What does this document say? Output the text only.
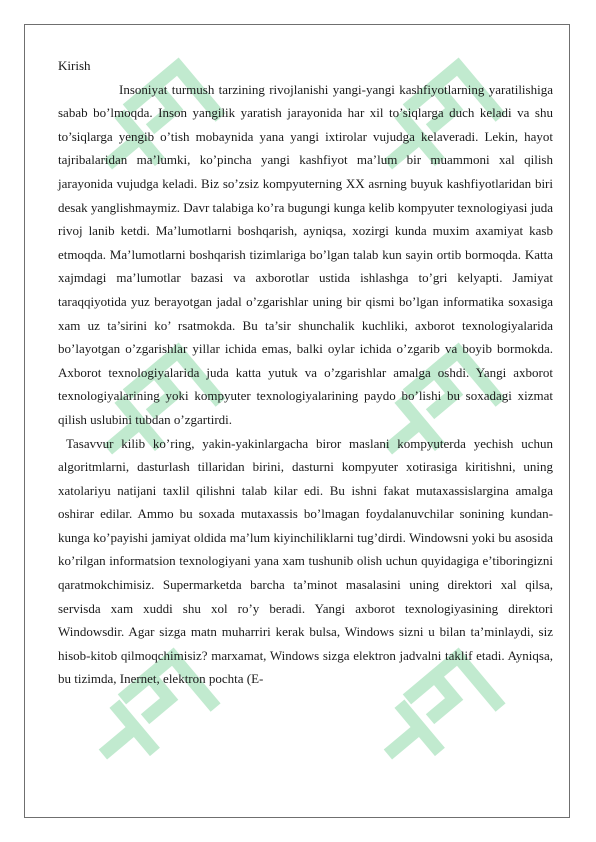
Kirish

Insoniyat turmush tarzining rivojlanishi yangi-yangi kashfiyotlarning yaratilishiga sabab bo’lmoqda. Inson yangilik yaratish jarayonida har xil to’siqlarga duch keladi va shu to’siqlarga yengib o’tish mobaynida yana yangi ixtirolar vujudga kelaveradi. Lekin, hayot tajribalaridan ma’lumki, ko’pincha yangi kashfiyot ma’lum bir muammoni xal qilish jarayonida vujudga keladi. Biz so’zsiz kompyuterning XX asrning buyuk kashfiyotlaridan biri desak yanglishmaymiz. Davr talabiga ko’ra bugungi kunga kelib kompyuter texnologiyasi juda rivoj lanib ketdi. Ma’lumotlarni boshqarish, ayniqsa, xozirgi kunda muxim axamiyat kasb etmoqda. Ma’lumotlarni boshqarish tizimlariga bo’lgan talab kun sayin ortib bormoqda. Katta xajmdagi ma’lumotlar bazasi va axborotlar ustida ishlashga to’gri kelyapti. Jamiyat taraqqiyotida yuz berayotgan jadal o’zgarishlar uning bir qismi bo’lgan informatika soxasiga xam uz ta’sirini ko’ rsatmokda. Bu ta’sir shunchalik kuchliki, axborot texnologiyalarida bo’layotgan o’zgarishlar yillar ichida emas, balki oylar ichida o’zgarib va boyib bormokda. Axborot texnologiyalarida juda katta yutuk va o’zgarishlar amalga oshdi. Yangi axborot texnologiyalarining yoki kompyuter texnologiyalarining paydo bo’lishi bu soxadagi xizmat qilish uslubini tubdan o’zgartirdi.

Tasavvur kilib ko’ring, yakin-yakinlargacha biror maslani kompyuterda yechish uchun algoritmlarni, dasturlash tillaridan birini, dasturni kompyuter xotirasiga kiritishni, uning xatolariyu natijani taxlil qilishni talab kilar edi. Bu ishni fakat mutaxassislargina amalga oshirar edilar. Ammo bu soxada mutaxassis bo’lmagan foydalanuvchilar sonining kundan-kunga ko’payishi jamiyat oldida ma’lum kiyinchiliklarni tug’dirdi. Windowsni yoki bu asosida ko’rilgan informatsion texnologiyani yana xam tushunib olish uchun quyidagiga e’tiboringizni qaratmokchimisiz. Supermarketda barcha ta’minot masalasini uning direktori xal qilsa, servisda xam xuddi shu xol ro’y beradi. Yangi axborot texnologiyasining direktori Windowsdir. Agar sizga matn muharriri kerak bulsa, Windows sizni u bilan ta’minlaydi, siz hisob-kitob qilmoqchimisiz? marxamat, Windows sizga elektron jadvalni taklif etadi. Ayniqsa, bu tizimda, Inernet, elektron pochta (E-
